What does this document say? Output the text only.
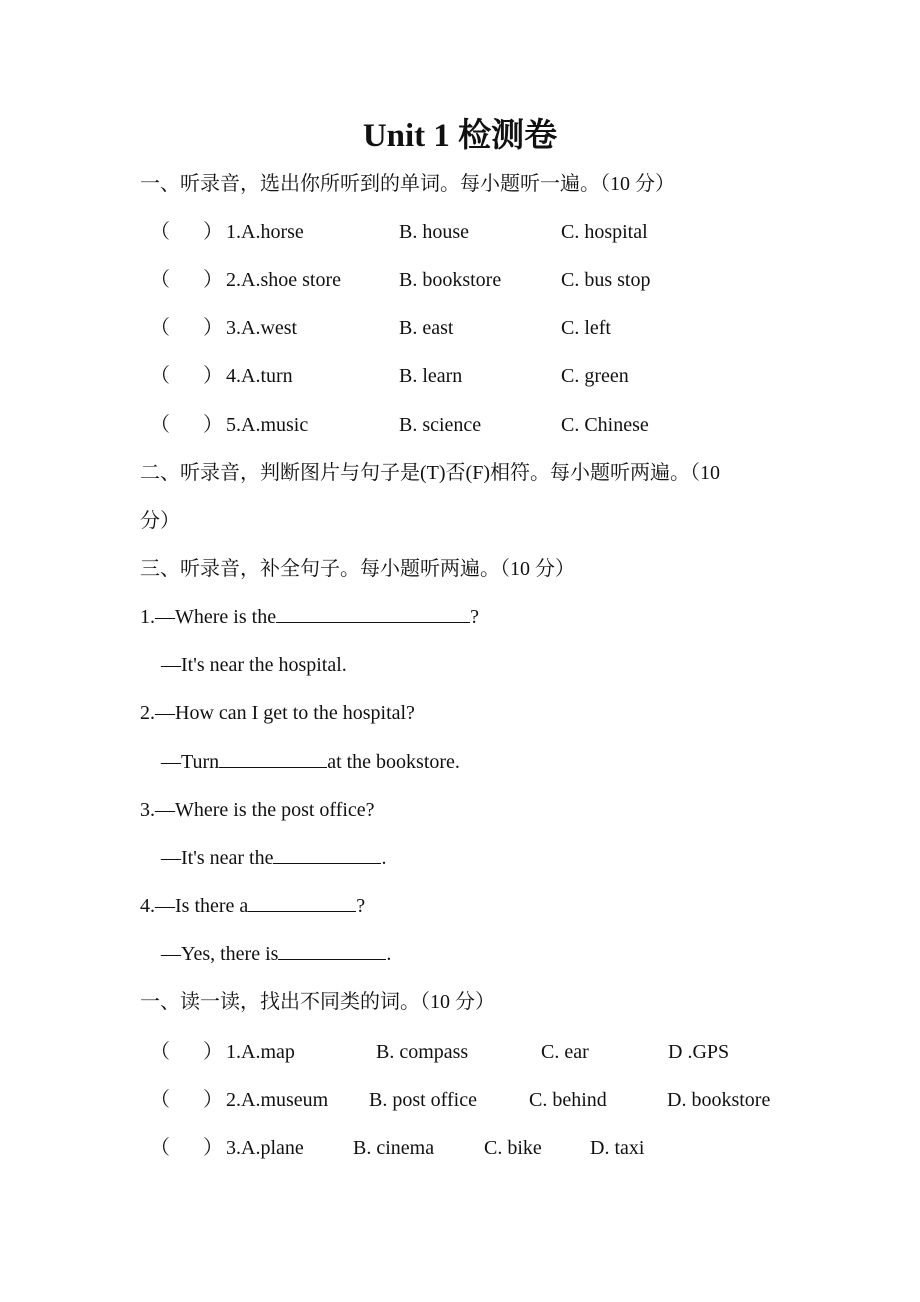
Unit 1 检测卷
一、听录音，选出你所听到的单词。每小题听一遍。（10 分）
（ ） 1.A.horse	B. house	C. hospital
（ ） 2.A.shoe store	B. bookstore	C. bus stop
（ ） 3.A.west	B. east	C. left
（ ） 4.A.turn	B. learn	C. green
（ ） 5.A.music	B. science	C. Chinese
二、听录音，判断图片与句子是(T)否(F)相符。每小题听两遍。（10
分）
三、听录音，补全句子。每小题听两遍。（10 分）
1.—Where is the	?
—It's near the hospital.
2.—How can I get to the hospital?
—Turn	at the bookstore.
3.—Where is the post office?
—It's near the	.
4.—Is there a	?
—Yes, there is	.
一、读一读，找出不同类的词。（10 分）
（ ） 1.A.map	B. compass	C. ear	D .GPS
（ ） 2.A.museum B. post office	C. behind	D. bookstore
（ ） 3.A.plane B. cinema C. bike D. taxi
